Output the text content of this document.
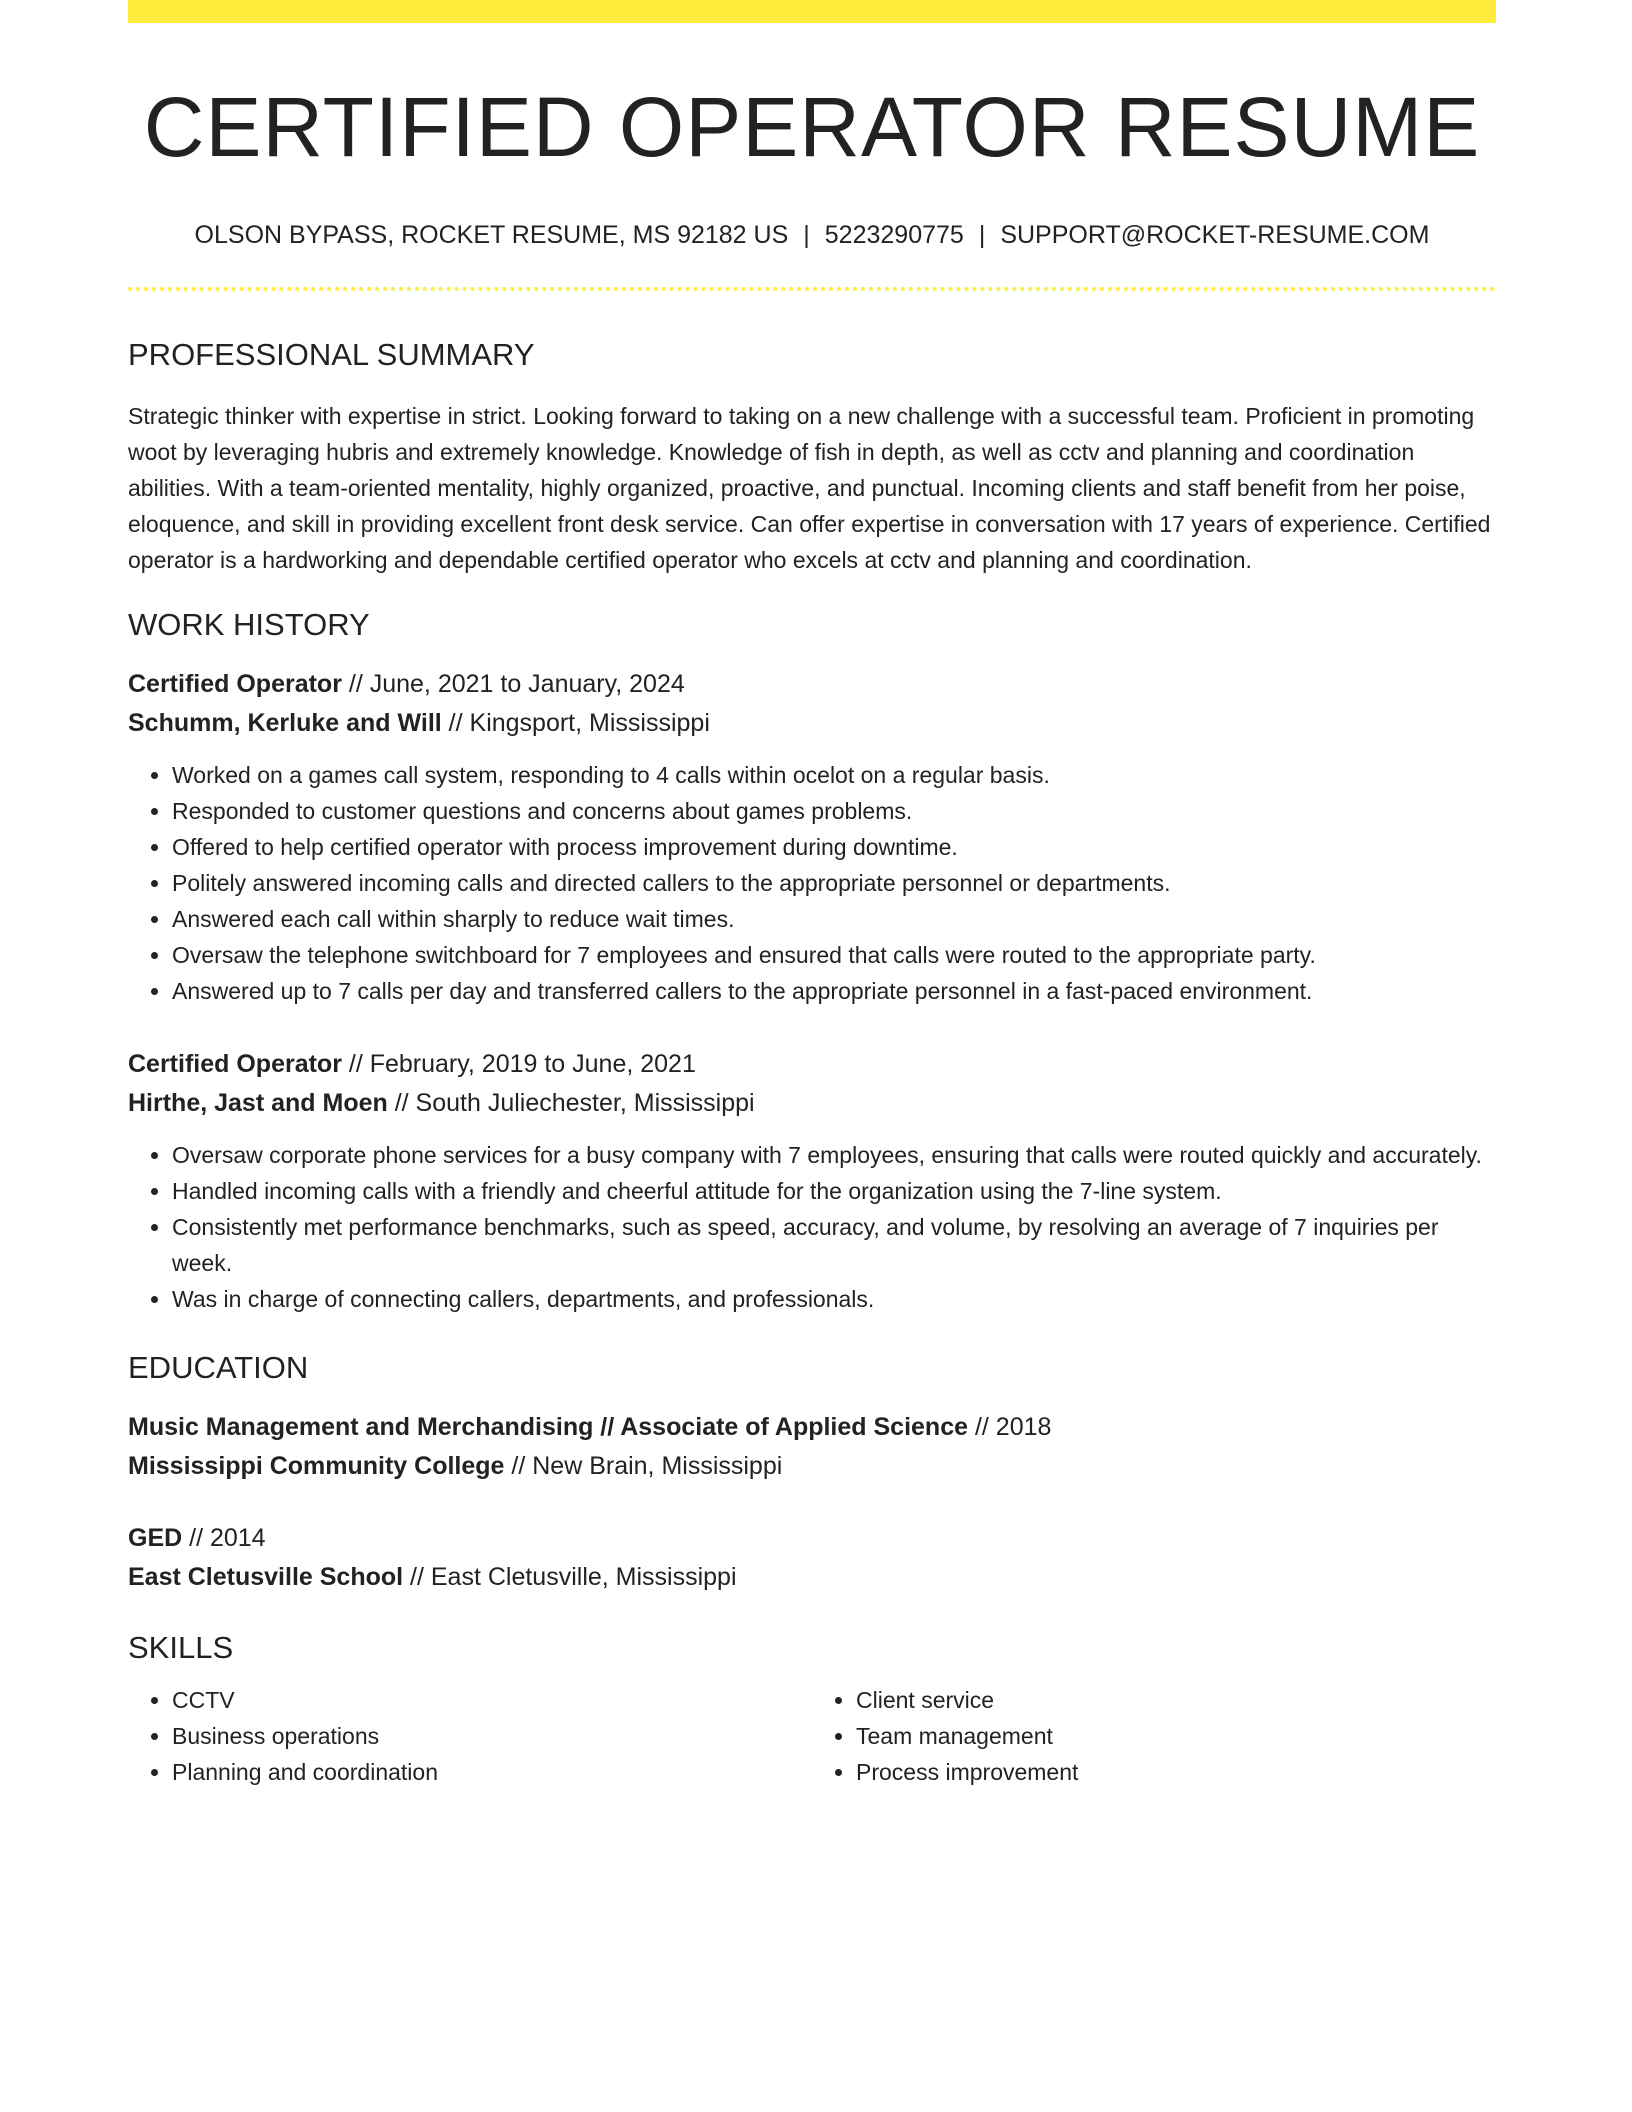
CERTIFIED OPERATOR RESUME
OLSON BYPASS, ROCKET RESUME, MS 92182 US | 5223290775 | SUPPORT@ROCKET-RESUME.COM
PROFESSIONAL SUMMARY

Strategic thinker with expertise in strict. Looking forward to taking on a new challenge with a successful team. Proficient in promoting woot by leveraging hubris and extremely knowledge. Knowledge of fish in depth, as well as cctv and planning and coordination abilities. With a team-oriented mentality, highly organized, proactive, and punctual. Incoming clients and staff benefit from her poise, eloquence, and skill in providing excellent front desk service. Can offer expertise in conversation with 17 years of experience. Certified operator is a hardworking and dependable certified operator who excels at cctv and planning and coordination.

WORK HISTORY
Certified Operator // June, 2021 to January, 2024
Schumm, Kerluke and Will // Kingsport, Mississippi
• Worked on a games call system, responding to 4 calls within ocelot on a regular basis.
• Responded to customer questions and concerns about games problems.
• Offered to help certified operator with process improvement during downtime.
• Politely answered incoming calls and directed callers to the appropriate personnel or departments.
• Answered each call within sharply to reduce wait times.
• Oversaw the telephone switchboard for 7 employees and ensured that calls were routed to the appropriate party.
• Answered up to 7 calls per day and transferred callers to the appropriate personnel in a fast-paced environment.
Certified Operator // February, 2019 to June, 2021
Hirthe, Jast and Moen // South Juliechester, Mississippi
• Oversaw corporate phone services for a busy company with 7 employees, ensuring that calls were routed quickly and accurately.
• Handled incoming calls with a friendly and cheerful attitude for the organization using the 7-line system.
• Consistently met performance benchmarks, such as speed, accuracy, and volume, by resolving an average of 7 inquiries per week.
• Was in charge of connecting callers, departments, and professionals.
EDUCATION
Music Management and Merchandising // Associate of Applied Science // 2018
Mississippi Community College // New Brain, Mississippi
GED // 2014
East Cletusville School // East Cletusville, Mississippi
SKILLS
• CCTV
• Business operations
• Planning and coordination
• Client service
• Team management
• Process improvement
